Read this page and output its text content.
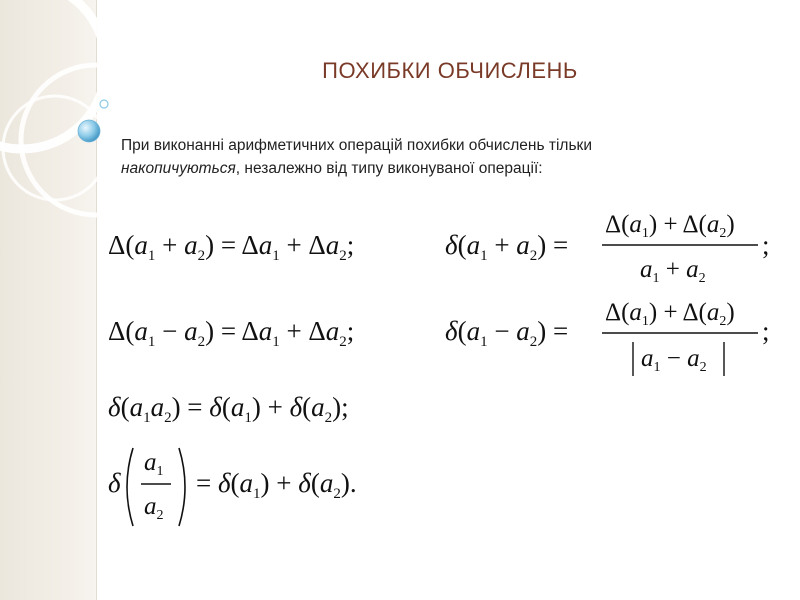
ПОХИБКИ ОБЧИСЛЕНЬ
При виконанні арифметичних операцій похибки обчислень тільки
накопичуються, незалежно від типу виконуваної операції:
$\Delta(a_1 + a_2) = \Delta a_1 + \Delta a_2$;	$\delta(a_1 + a_2)$ =
$\Delta(a_1) + \Delta(a_2)$
$a_1 + a_2$
;
$\Delta(a_1 - a_2) = \Delta a_1 + \Delta a_2$;	$\delta(a_1 - a_2)$ =
$\Delta(a_1) + \Delta(a_2)$
$a_1 - a_2$
;
$\delta(a_1a_2) = \delta(a_1) + \delta(a_2)$;
δ
$a_1$
$a_2$
= $\delta(a_1) + \delta(a_2)$.
